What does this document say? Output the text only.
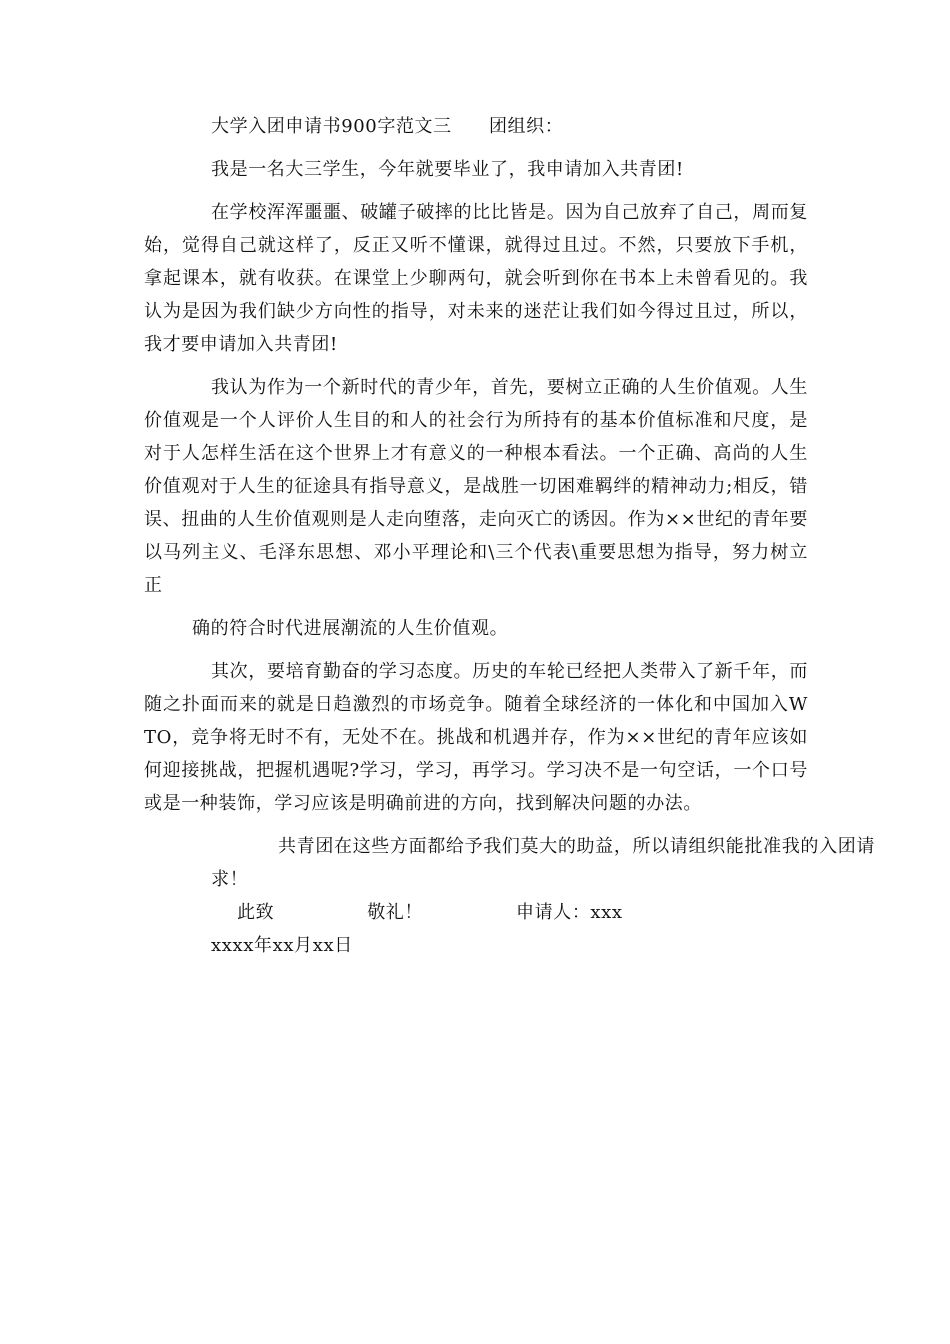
大学入团申请书900字范文三　　团组织：

我是一名大三学生，今年就要毕业了，我申请加入共青团!

在学校浑浑噩噩、破罐子破摔的比比皆是。因为自己放弃了自己，周而复始，觉得自己就这样了，反正又听不懂课，就得过且过。不然，只要放下手机，拿起课本，就有收获。在课堂上少聊两句，就会听到你在书本上未曾看见的。我认为是因为我们缺少方向性的指导，对未来的迷茫让我们如今得过且过，所以，我才要申请加入共青团!

我认为作为一个新时代的青少年，首先，要树立正确的人生价值观。人生价值观是一个人评价人生目的和人的社会行为所持有的基本价值标准和尺度，是对于人怎样生活在这个世界上才有意义的一种根本看法。一个正确、高尚的人生价值观对于人生的征途具有指导意义，是战胜一切困难羁绊的精神动力;相反，错误、扭曲的人生价值观则是人走向堕落，走向灭亡的诱因。作为××世纪的青年要以马列主义、毛泽东思想、邓小平理论和\三个代表\重要思想为指导，努力树立正

确的符合时代进展潮流的人生价值观。

其次，要培育勤奋的学习态度。历史的车轮已经把人类带入了新千年，而随之扑面而来的就是日趋激烈的市场竞争。随着全球经济的一体化和中国加入WTO，竞争将无时不有，无处不在。挑战和机遇并存，作为××世纪的青年应该如何迎接挑战，把握机遇呢?学习，学习，再学习。学习决不是一句空话，一个口号或是一种装饰，学习应该是明确前进的方向，找到解决问题的办法。

共青团在这些方面都给予我们莫大的助益，所以请组织能批准我的入团请求！此致	敬礼！	申请人：xxxxxxx年xx月xx日
